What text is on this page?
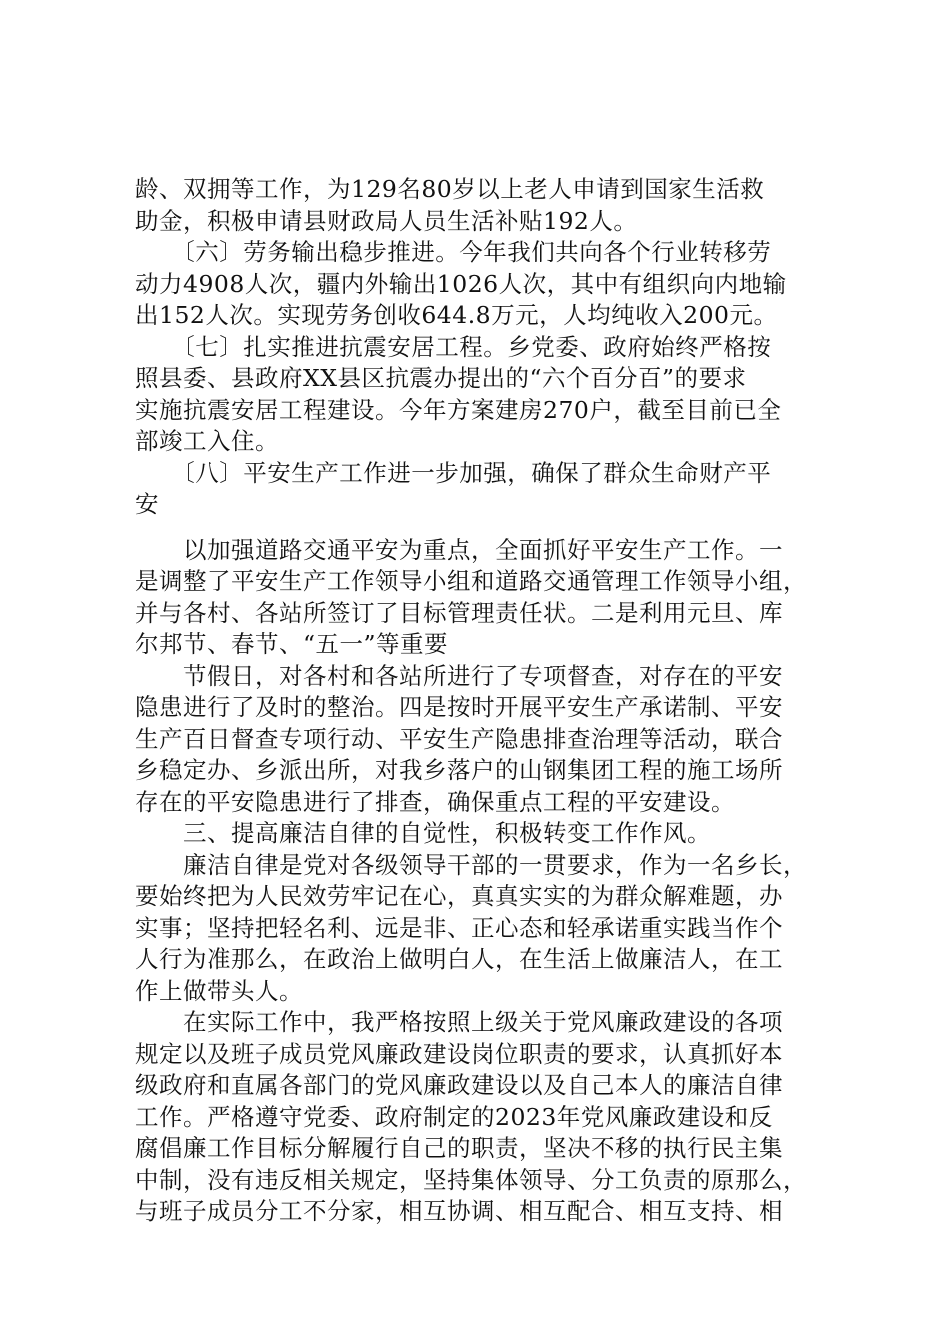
龄、双拥等工作，为129名80岁以上老人申请到国家生活救
助金，积极申请县财政局人员生活补贴192人。
　　〔六〕劳务输出稳步推进。今年我们共向各个行业转移劳
动力4908人次，疆内外输出1026人次，其中有组织向内地输
出152人次。实现劳务创收644.8万元，人均纯收入200元。
　　〔七〕扎实推进抗震安居工程。乡党委、政府始终严格按
照县委、县政府XX县区抗震办提出的“六个百分百”的要求
实施抗震安居工程建设。今年方案建房270户，截至目前已全
部竣工入住。
　　〔八〕平安生产工作进一步加强，确保了群众生命财产平
安
　　以加强道路交通平安为重点，全面抓好平安生产工作。一
是调整了平安生产工作领导小组和道路交通管理工作领导小组，
并与各村、各站所签订了目标管理责任状。二是利用元旦、库
尔邦节、春节、“五一”等重要
　　节假日，对各村和各站所进行了专项督查，对存在的平安
隐患进行了及时的整治。四是按时开展平安生产承诺制、平安
生产百日督查专项行动、平安生产隐患排查治理等活动，联合
乡稳定办、乡派出所，对我乡落户的山钢集团工程的施工场所
存在的平安隐患进行了排查，确保重点工程的平安建设。
　　三、提高廉洁自律的自觉性，积极转变工作作风。
　　廉洁自律是党对各级领导干部的一贯要求，作为一名乡长，
要始终把为人民效劳牢记在心，真真实实的为群众解难题，办
实事；坚持把轻名利、远是非、正心态和轻承诺重实践当作个
人行为准那么，在政治上做明白人，在生活上做廉洁人，在工
作上做带头人。
　　在实际工作中，我严格按照上级关于党风廉政建设的各项
规定以及班子成员党风廉政建设岗位职责的要求，认真抓好本
级政府和直属各部门的党风廉政建设以及自己本人的廉洁自律
工作。严格遵守党委、政府制定的2023年党风廉政建设和反
腐倡廉工作目标分解履行自己的职责，坚决不移的执行民主集
中制，没有违反相关规定，坚持集体领导、分工负责的原那么，
与班子成员分工不分家，相互协调、相互配合、相互支持、相
